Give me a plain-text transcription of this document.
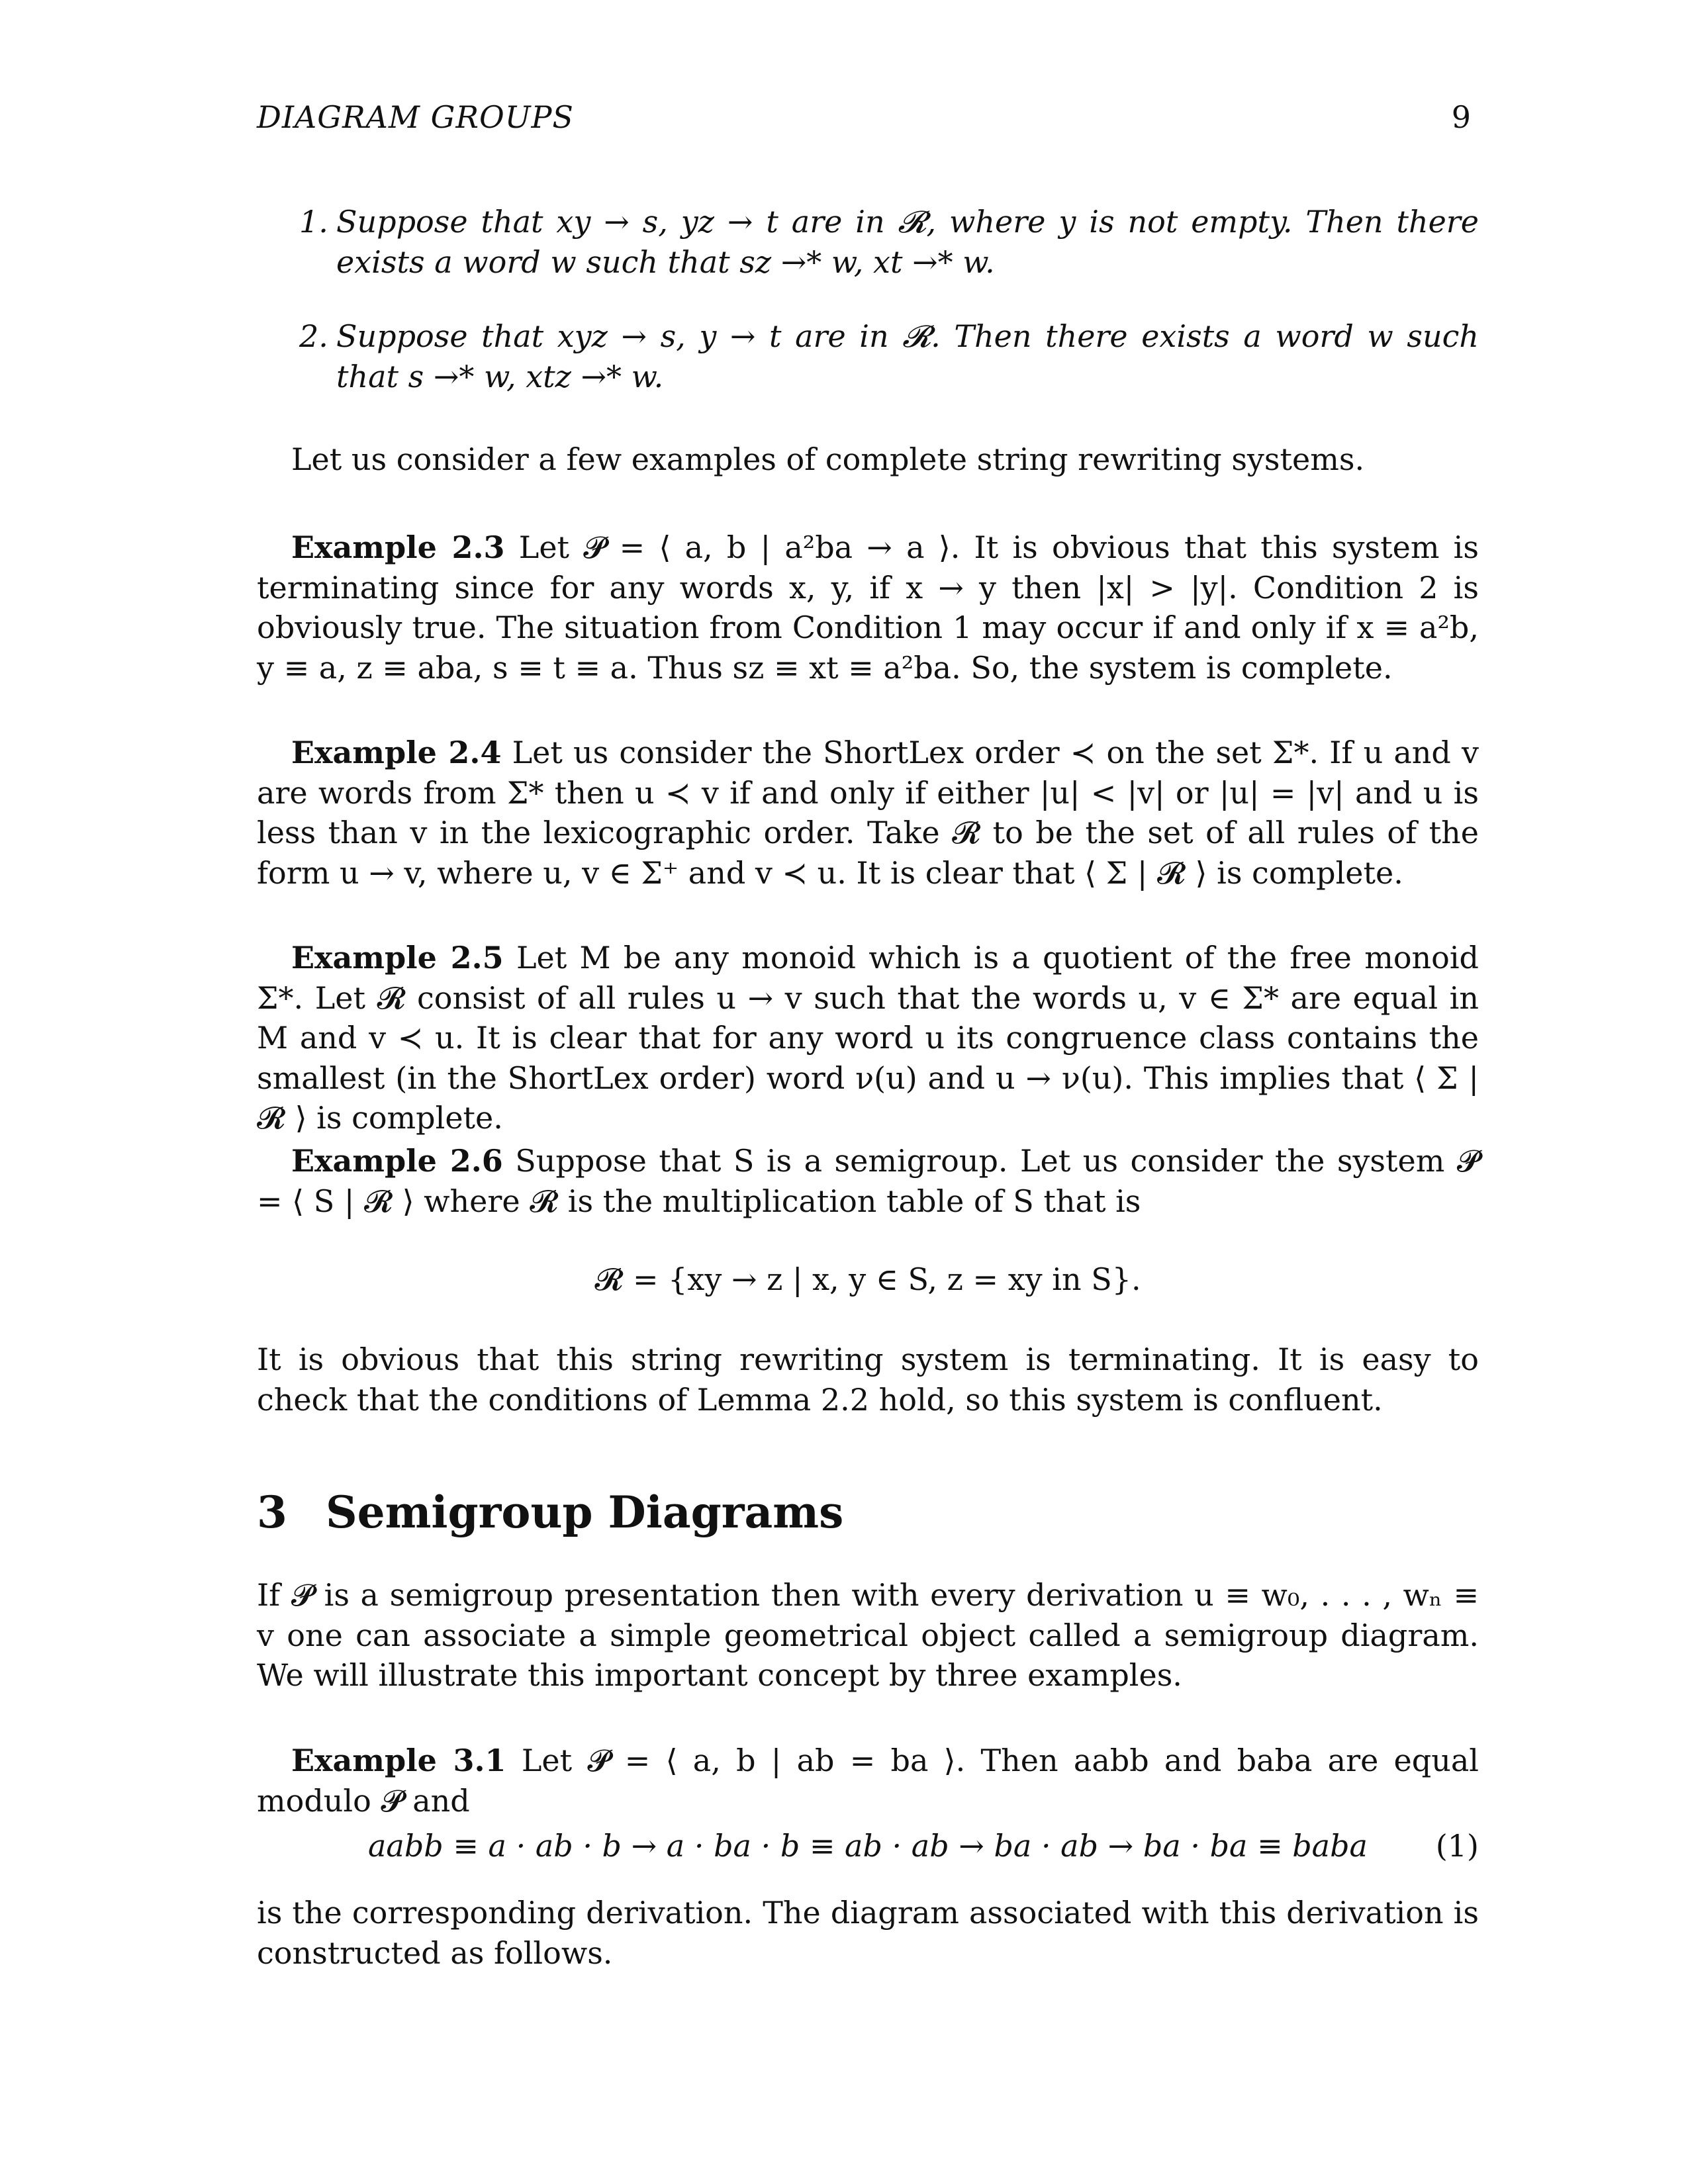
DIAGRAM GROUPS	9
1. Suppose that xy → s, yz → t are in 𝓡, where y is not empty. Then there exists a word w such that sz →* w, xt →* w.
2. Suppose that xyz → s, y → t are in 𝓡. Then there exists a word w such that s →* w, xtz →* w.
Let us consider a few examples of complete string rewriting systems.
Example 2.3 Let 𝓟 = ⟨ a, b | a²ba → a ⟩. It is obvious that this system is terminating since for any words x, y, if x → y then |x| > |y|. Condition 2 is obviously true. The situation from Condition 1 may occur if and only if x ≡ a²b, y ≡ a, z ≡ aba, s ≡ t ≡ a. Thus sz ≡ xt ≡ a²ba. So, the system is complete.
Example 2.4 Let us consider the ShortLex order ≺ on the set Σ*. If u and v are words from Σ* then u ≺ v if and only if either |u| < |v| or |u| = |v| and u is less than v in the lexicographic order. Take 𝓡 to be the set of all rules of the form u → v, where u, v ∈ Σ⁺ and v ≺ u. It is clear that ⟨ Σ | 𝓡 ⟩ is complete.
Example 2.5 Let M be any monoid which is a quotient of the free monoid Σ*. Let 𝓡 consist of all rules u → v such that the words u, v ∈ Σ* are equal in M and v ≺ u. It is clear that for any word u its congruence class contains the smallest (in the ShortLex order) word ν(u) and u → ν(u). This implies that ⟨ Σ | 𝓡 ⟩ is complete.
Example 2.6 Suppose that S is a semigroup. Let us consider the system 𝓟 = ⟨ S | 𝓡 ⟩ where 𝓡 is the multiplication table of S that is
𝓡 = {xy → z | x, y ∈ S, z = xy in S}.
It is obvious that this string rewriting system is terminating. It is easy to check that the conditions of Lemma 2.2 hold, so this system is confluent.
3 Semigroup Diagrams
If 𝓟 is a semigroup presentation then with every derivation u ≡ w₀, . . . , wₙ ≡ v one can associate a simple geometrical object called a semigroup diagram. We will illustrate this important concept by three examples.
Example 3.1 Let 𝓟 = ⟨ a, b | ab = ba ⟩. Then aabb and baba are equal modulo 𝓟 and
aabb ≡ a · ab · b → a · ba · b ≡ ab · ab → ba · ab → ba · ba ≡ baba (1)
is the corresponding derivation. The diagram associated with this derivation is constructed as follows.
